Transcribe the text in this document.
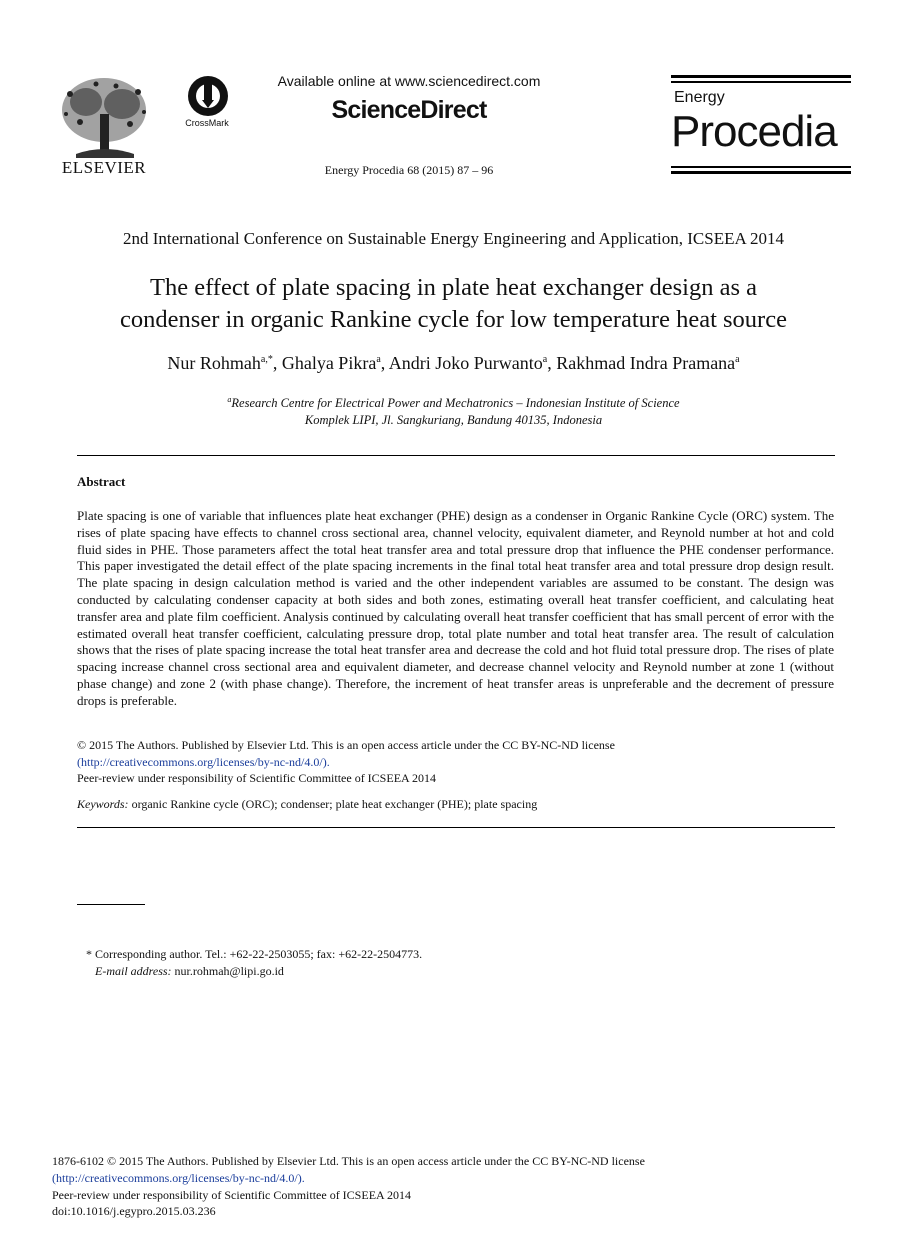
ELSEVIER
CrossMark
Available online at www.sciencedirect.com
ScienceDirect
Energy Procedia 68 (2015) 87 – 96
Energy
Procedia
2nd International Conference on Sustainable Energy Engineering and Application, ICSEEA 2014
The effect of plate spacing in plate heat exchanger design as a
condenser in organic Rankine cycle for low temperature heat source
Nur Rohmah$^{a,*}$, Ghalya Pikra$^a$, Andri Joko Purwanto$^a$, Rakhmad Indra Pramana$^a$
$^a$Research Centre for Electrical Power and Mechatronics – Indonesian Institute of Science
Komplek LIPI, Jl. Sangkuriang, Bandung 40135, Indonesia
Abstract
Plate spacing is one of variable that influences plate heat exchanger (PHE) design as a condenser in Organic Rankine Cycle (ORC) system. The rises of plate spacing have effects to channel cross sectional area, channel velocity, equivalent diameter, and Reynold number at hot and cold fluid sides in PHE. Those parameters affect the total heat transfer area and total pressure drop that influence the PHE condenser performance. This paper investigated the detail effect of the plate spacing increments in the final total heat transfer area and total pressure drop design result. The plate spacing in design calculation method is varied and the other independent variables are assumed to be constant. The design was conducted by calculating condenser capacity at both sides and both zones, estimating overall heat transfer coefficient, and calculating heat transfer area and plate film coefficient. Analysis continued by calculating overall heat transfer coefficient that has small percent of error with the estimated overall heat transfer coefficient, calculating pressure drop, total plate number and total heat transfer area. The result of calculation shows that the rises of plate spacing increase the total heat transfer area and decrease the cold and hot fluid total pressure drop. The rises of plate spacing increase channel cross sectional area and equivalent diameter, and decrease channel velocity and Reynold number at zone 1 (without phase change) and zone 2 (with phase change). Therefore, the increment of heat transfer areas is unpreferable and the decrement of pressure drops is preferable.
© 2015 The Authors. Published by Elsevier Ltd. This is an open access article under the CC BY-NC-ND license
(http://creativecommons.org/licenses/by-nc-nd/4.0/).
Peer-review under responsibility of Scientific Committee of ICSEEA 2014
Keywords: organic Rankine cycle (ORC); condenser; plate heat exchanger (PHE); plate spacing
* Corresponding author. Tel.: +62-22-2503055; fax: +62-22-2504773.
E-mail address: nur.rohmah@lipi.go.id
1876-6102 © 2015 The Authors. Published by Elsevier Ltd. This is an open access article under the CC BY-NC-ND license
(http://creativecommons.org/licenses/by-nc-nd/4.0/).
Peer-review under responsibility of Scientific Committee of ICSEEA 2014
doi:10.1016/j.egypro.2015.03.236
